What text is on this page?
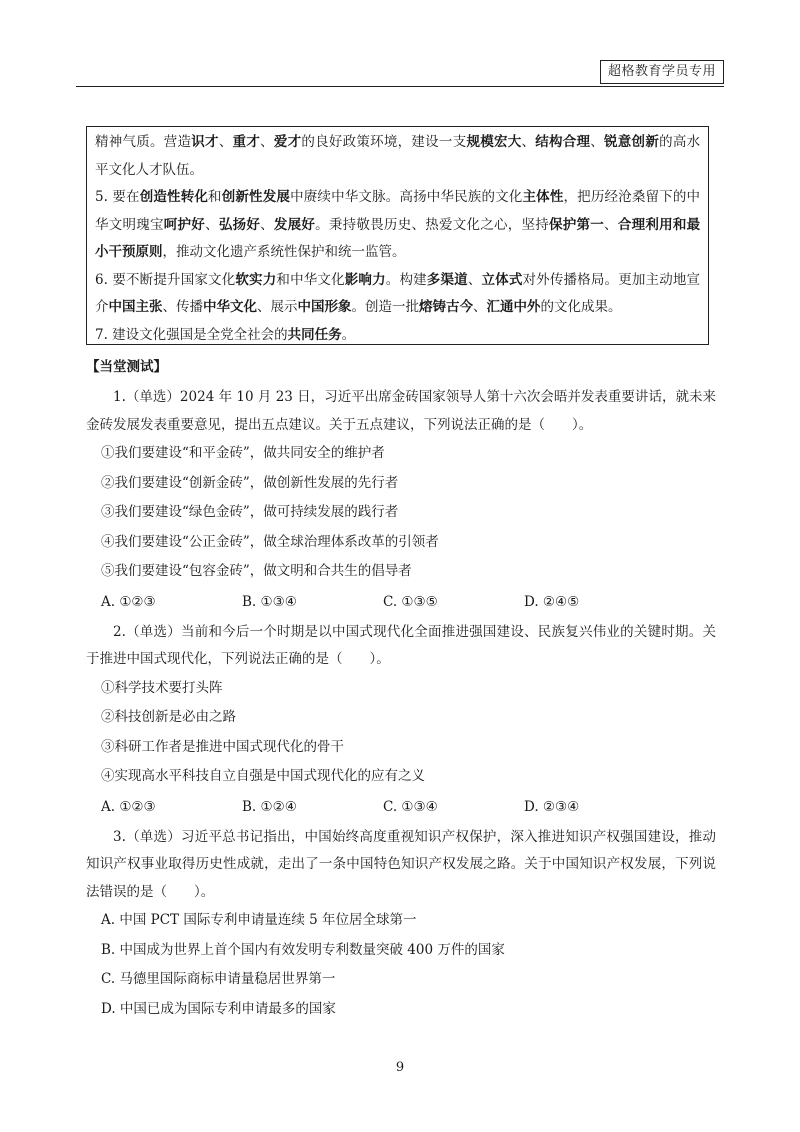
超格教育学员专用

精神气质。营造识才、重才、爱才的良好政策环境，建设一支规模宏大、结构合理、锐意创新的高水平文化人才队伍。

5. 要在创造性转化和创新性发展中赓续中华文脉。高扬中华民族的文化主体性，把历经沧桑留下的中华文明瑰宝呵护好、弘扬好、发展好。秉持敬畏历史、热爱文化之心，坚持保护第一、合理利用和最小干预原则，推动文化遗产系统性保护和统一监管。

6. 要不断提升国家文化软实力和中华文化影响力。构建多渠道、立体式对外传播格局。更加主动地宣介中国主张、传播中华文化、展示中国形象。创造一批熔铸古今、汇通中外的文化成果。

7. 建设文化强国是全党全社会的共同任务。

【当堂测试】

1.（单选）2024 年 10 月 23 日，习近平出席金砖国家领导人第十六次会晤并发表重要讲话，就未来金砖发展发表重要意见，提出五点建议。关于五点建议，下列说法正确的是（　　）。

①我们要建设“和平金砖”，做共同安全的维护者

②我们要建设“创新金砖”，做创新性发展的先行者

③我们要建设“绿色金砖”，做可持续发展的践行者

④我们要建设“公正金砖”，做全球治理体系改革的引领者

⑤我们要建设“包容金砖”，做文明和合共生的倡导者

A. ①②③	B. ①③④	C. ①③⑤	D. ②④⑤

2.（单选）当前和今后一个时期是以中国式现代化全面推进强国建设、民族复兴伟业的关键时期。关于推进中国式现代化，下列说法正确的是（　　）。

①科学技术要打头阵

②科技创新是必由之路

③科研工作者是推进中国式现代化的骨干

④实现高水平科技自立自强是中国式现代化的应有之义

A. ①②③	B. ①②④	C. ①③④	D. ②③④

3.（单选）习近平总书记指出，中国始终高度重视知识产权保护，深入推进知识产权强国建设，推动知识产权事业取得历史性成就，走出了一条中国特色知识产权发展之路。关于中国知识产权发展，下列说法错误的是（　　）。

A. 中国 PCT 国际专利申请量连续 5 年位居全球第一

B. 中国成为世界上首个国内有效发明专利数量突破 400 万件的国家

C. 马德里国际商标申请量稳居世界第一

D. 中国已成为国际专利申请最多的国家

9
